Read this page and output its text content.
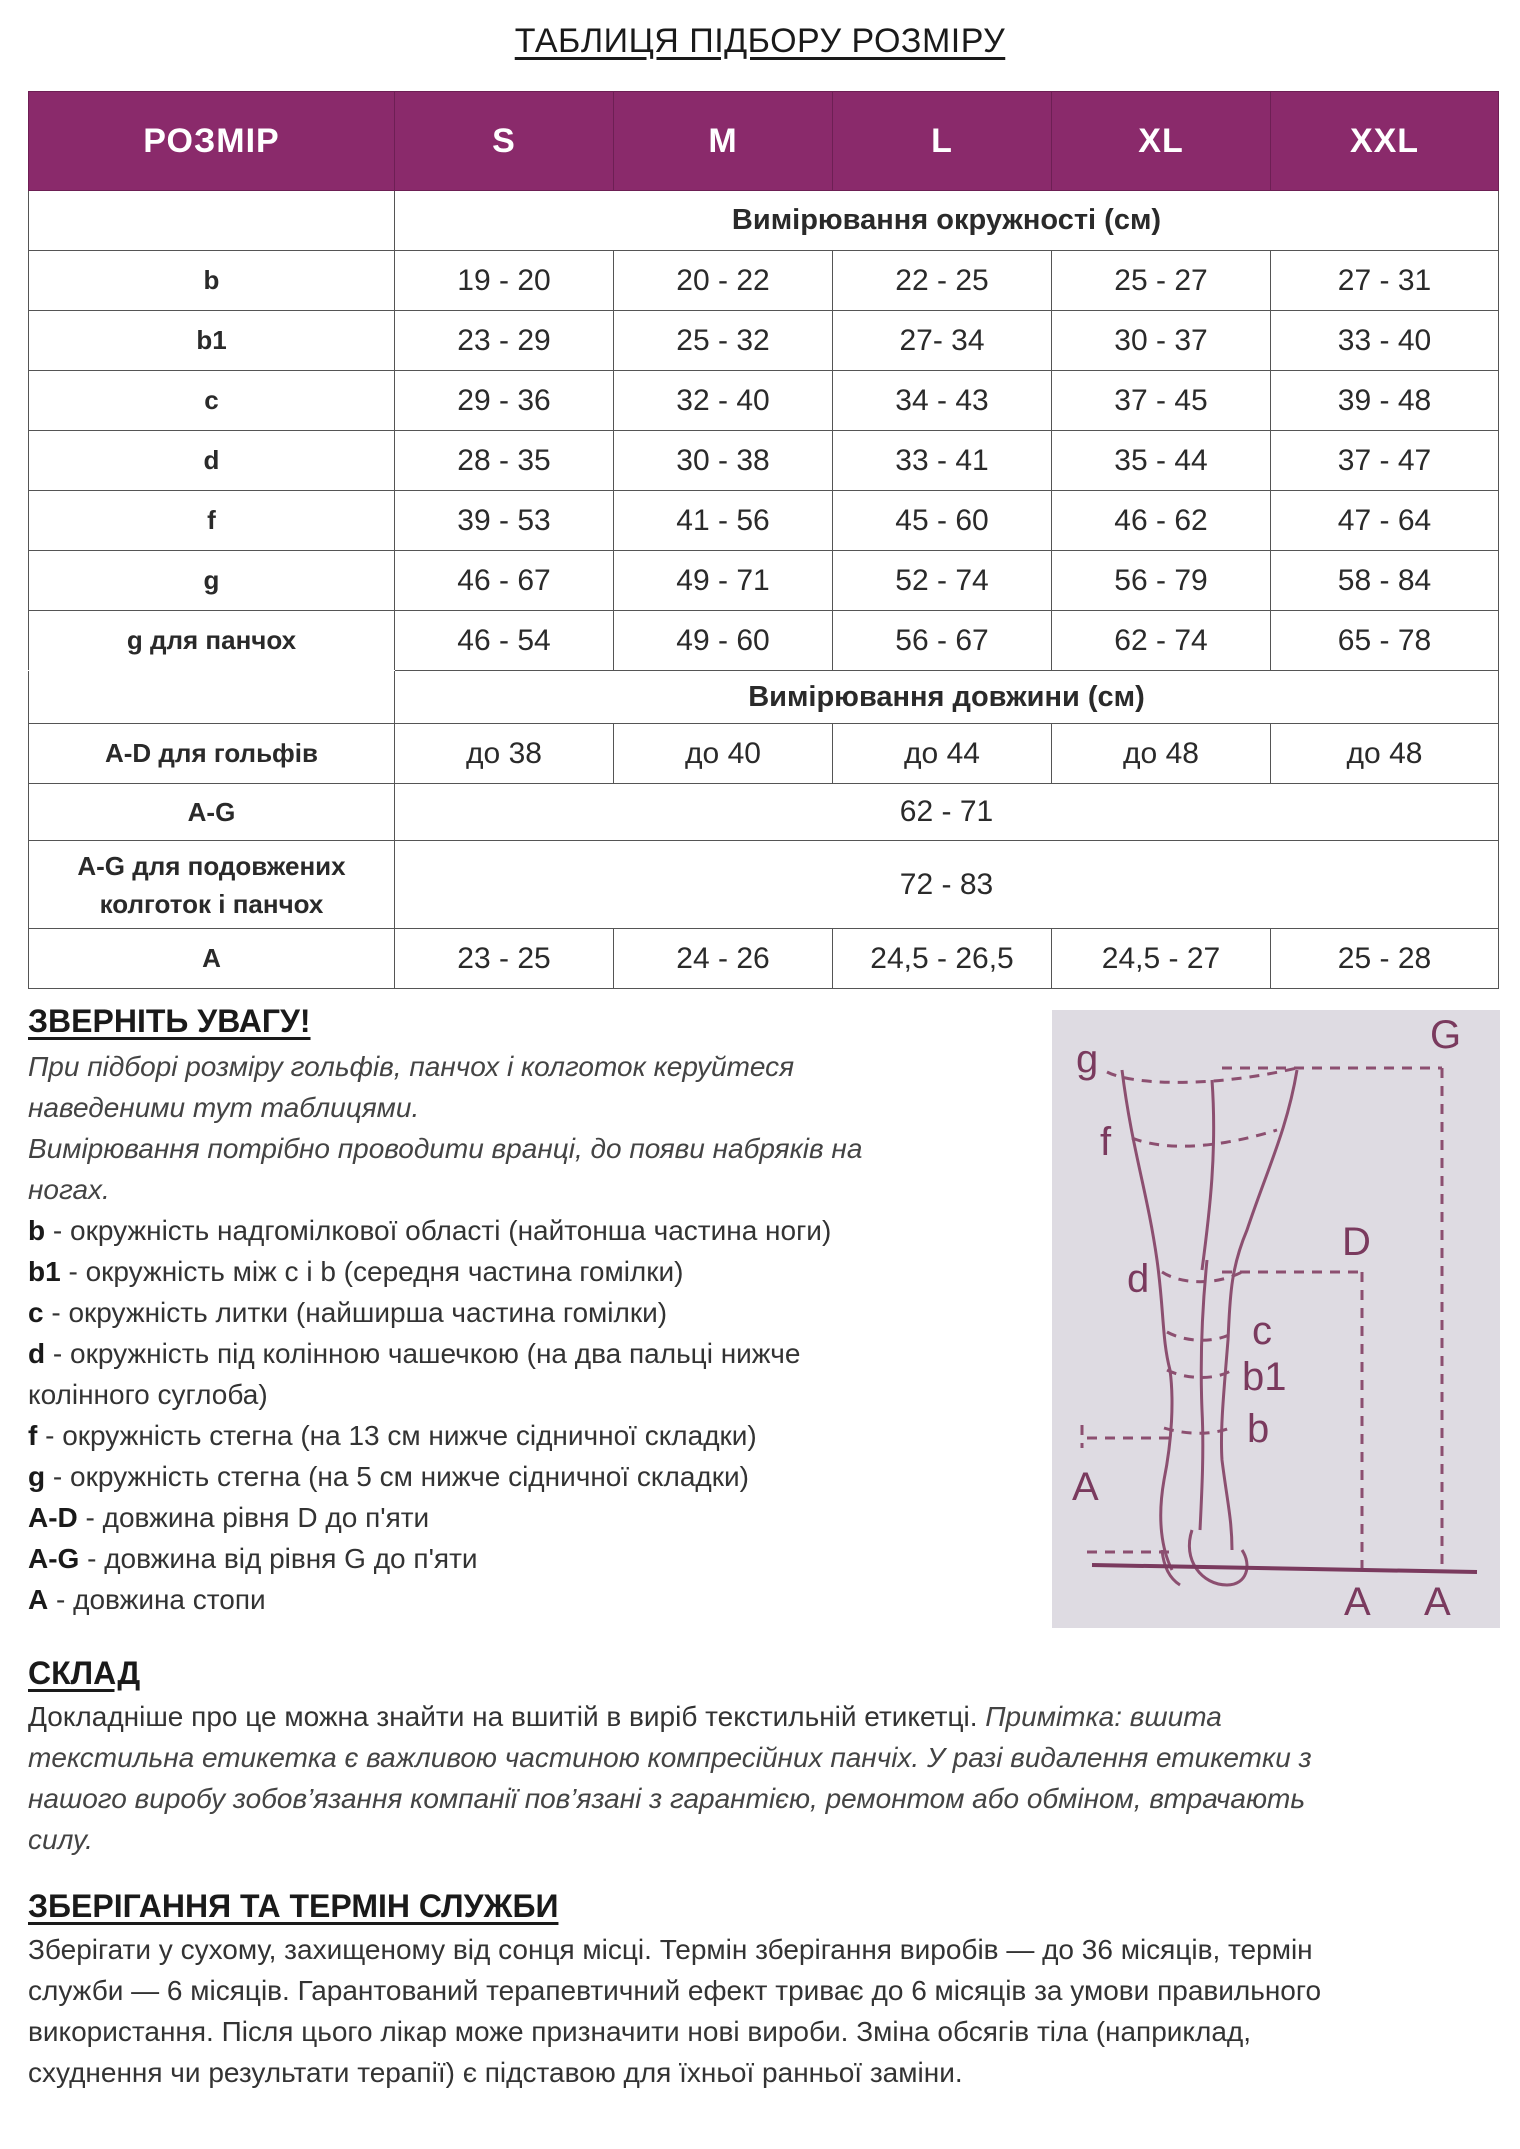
ТАБЛИЦЯ ПІДБОРУ РОЗМІРУ
РОЗМІР	S	M	L	XL	XXL
	Вимірювання окружності (см)				
b	19 - 20	20 - 22	22 - 25	25 - 27	27 - 31
b1	23 - 29	25 - 32	27- 34	30 - 37	33 - 40
c	29 - 36	32 - 40	34 - 43	37 - 45	39 - 48
d	28 - 35	30 - 38	33 - 41	35 - 44	37 - 47
f	39 - 53	41 - 56	45 - 60	46 - 62	47 - 64
g	46 - 67	49 - 71	52 - 74	56 - 79	58 - 84
g для панчох	46 - 54	49 - 60	56 - 67	62 - 74	65 - 78
	Вимірювання довжини (см)				
A-D для гольфів	до 38	до 40	до 44	до 48	до 48
A-G	62 - 71				
A-G для подовжених
колготок і панчох	72 - 83				
A	23 - 25	24 - 26	24,5 - 26,5	24,5 - 27	25 - 28

ЗВЕРНІТЬ УВАГУ!

При підборі розміру гольфів, панчох і колготок керуйтеся

наведеними тут таблицями.

Вимірювання потрібно проводити вранці, до появи набряків на

ногах.

b - окружність надгомілкової області (найтонша частина ноги)

b1 - окружність між c і b (середня частина гомілки)

c - окружність литки (найширша частина гомілки)

d - окружність під колінною чашечкою (на два пальці нижче

колінного суглоба)

f - окружність стегна (на 13 см нижче сідничної складки)

g - окружність стегна (на 5 см нижче сідничної складки)

A-D - довжина рівня D до п'яти

A-G - довжина від рівня G до п'яти

A - довжина стопи

g
f
d
c
b1
b
A
G
D
A A

СКЛАД

Докладніше про це можна знайти на вшитій в виріб текстильній етикетці. Примітка: вшита

текстильна етикетка є важливою частиною компресійних панчіх. У разі видалення етикетки з

нашого виробу зобов’язання компанії пов’язані з гарантією, ремонтом або обміном, втрачають

силу.

ЗБЕРІГАННЯ ТА ТЕРМІН СЛУЖБИ

Зберігати у сухому, захищеному від сонця місці. Термін зберігання виробів — до 36 місяців, термін

служби — 6 місяців. Гарантований терапевтичний ефект триває до 6 місяців за умови правильного

використання. Після цього лікар може призначити нові вироби. Зміна обсягів тіла (наприклад,

схуднення чи результати терапії) є підставою для їхньої ранньої заміни.
